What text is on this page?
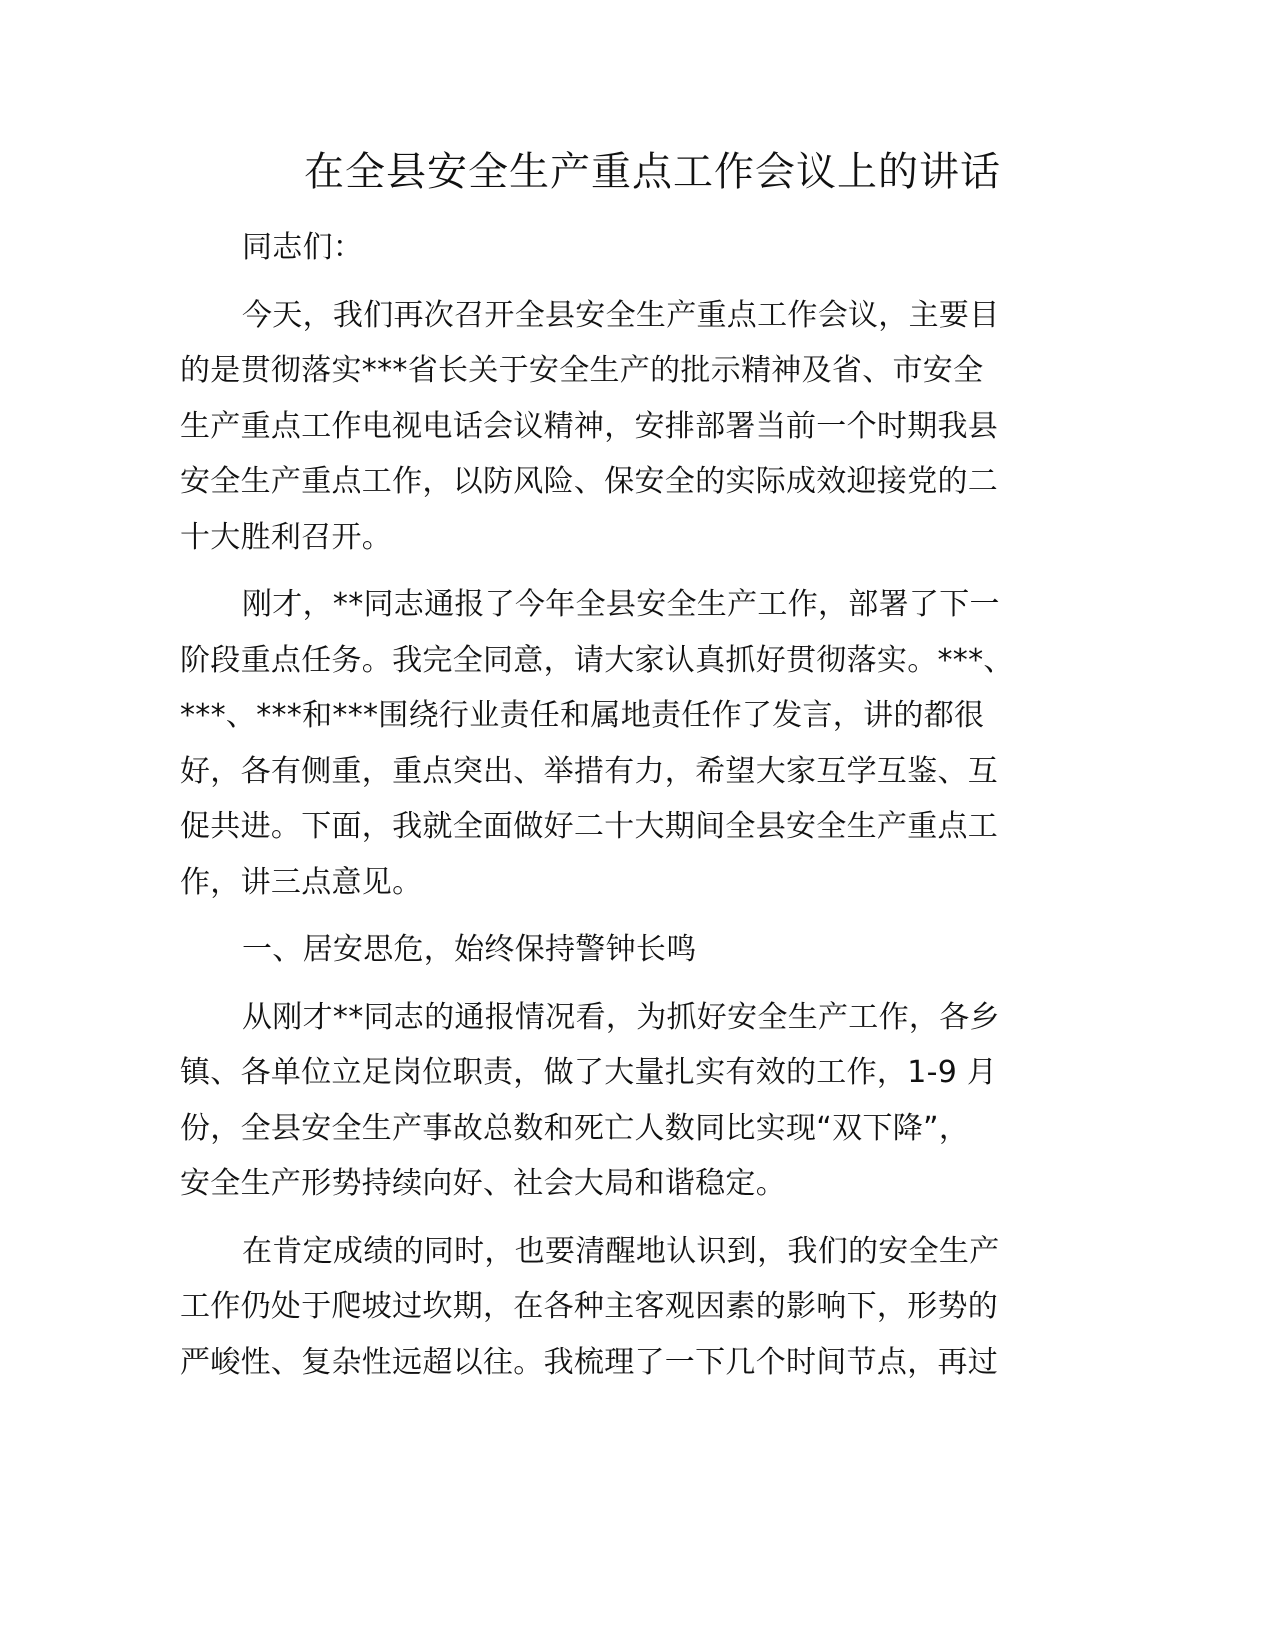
在全县安全生产重点工作会议上的讲话
同志们：
今天，我们再次召开全县安全生产重点工作会议，主要目
的是贯彻落实***省长关于安全生产的批示精神及省、市安全
生产重点工作电视电话会议精神，安排部署当前一个时期我县
安全生产重点工作，以防风险、保安全的实际成效迎接党的二
十大胜利召开。
刚才，**同志通报了今年全县安全生产工作，部署了下一
阶段重点任务。我完全同意，请大家认真抓好贯彻落实。***、
***、***和***围绕行业责任和属地责任作了发言，讲的都很
好，各有侧重，重点突出、举措有力，希望大家互学互鉴、互
促共进。下面，我就全面做好二十大期间全县安全生产重点工
作，讲三点意见。
一、居安思危，始终保持警钟长鸣
从刚才**同志的通报情况看，为抓好安全生产工作，各乡
镇、各单位立足岗位职责，做了大量扎实有效的工作，1-9 月
份，全县安全生产事故总数和死亡人数同比实现“双下降”，
安全生产形势持续向好、社会大局和谐稳定。
在肯定成绩的同时，也要清醒地认识到，我们的安全生产
工作仍处于爬坡过坎期，在各种主客观因素的影响下，形势的
严峻性、复杂性远超以往。我梳理了一下几个时间节点，再过
